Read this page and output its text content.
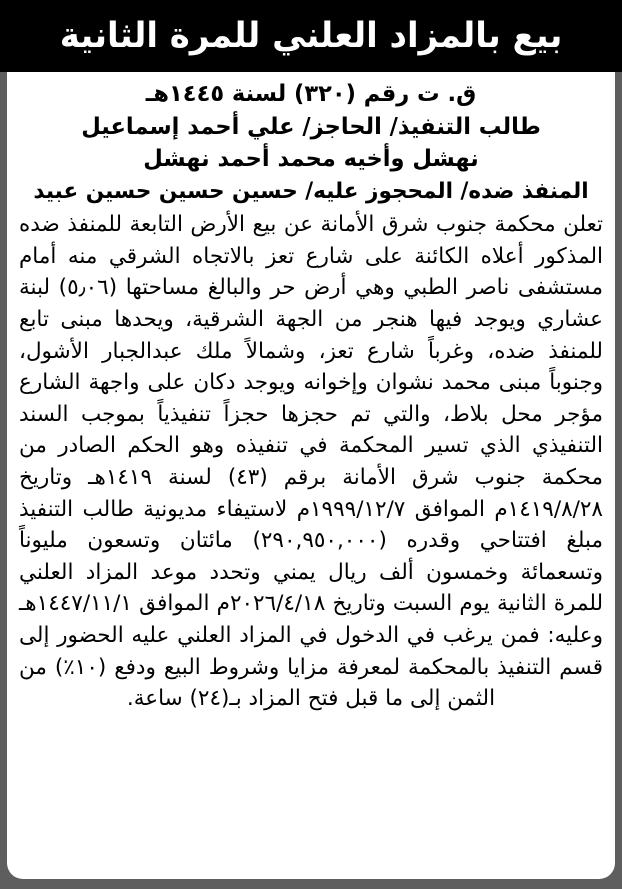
بيع بالمزاد العلني للمرة الثانية
ق. ت رقم (٣٢٠) لسنة ١٤٤٥هـ
طالب التنفيذ/ الحاجز/ علي أحمد إسماعيل
نهشل وأخيه محمد أحمد نهشل
المنفذ ضده/ المحجوز عليه/ حسين حسين حسين عبيد

تعلن محكمة جنوب شرق الأمانة عن بيع الأرض التابعة للمنفذ ضده المذكور أعلاه الكائنة على شارع تعز بالاتجاه الشرقي منه أمام مستشفى ناصر الطبي وهي أرض حر والبالغ مساحتها (٥٫٠٦) لبنة عشاري ويوجد فيها هنجر من الجهة الشرقية، ويحدها مبنى تابع للمنفذ ضده، وغرباً شارع تعز، وشمالاً ملك عبدالجبار الأشول، وجنوباً مبنى محمد نشوان وإخوانه ويوجد دكان على واجهة الشارع مؤجر محل بلاط، والتي تم حجزها حجزاً تنفيذياً بموجب السند التنفيذي الذي تسير المحكمة في تنفيذه وهو الحكم الصادر من محكمة جنوب شرق الأمانة برقم (٤٣) لسنة ١٤١٩هـ وتاريخ ١٤١٩/٨/٢٨م الموافق ١٩٩٩/١٢/٧م لاستيفاء مديونية طالب التنفيذ مبلغ افتتاحي وقدره (٢٩٠,٩٥٠,٠٠٠) مائتان وتسعون مليوناً وتسعمائة وخمسون ألف ريال يمني وتحدد موعد المزاد العلني للمرة الثانية يوم السبت وتاريخ ٢٠٢٦/٤/١٨م الموافق ١٤٤٧/١١/١هـ

وعليه: فمن يرغب في الدخول في المزاد العلني عليه الحضور إلى قسم التنفيذ بالمحكمة لمعرفة مزايا وشروط البيع ودفع (١٠٪) من الثمن إلى ما قبل فتح المزاد بـ(٢٤) ساعة.
